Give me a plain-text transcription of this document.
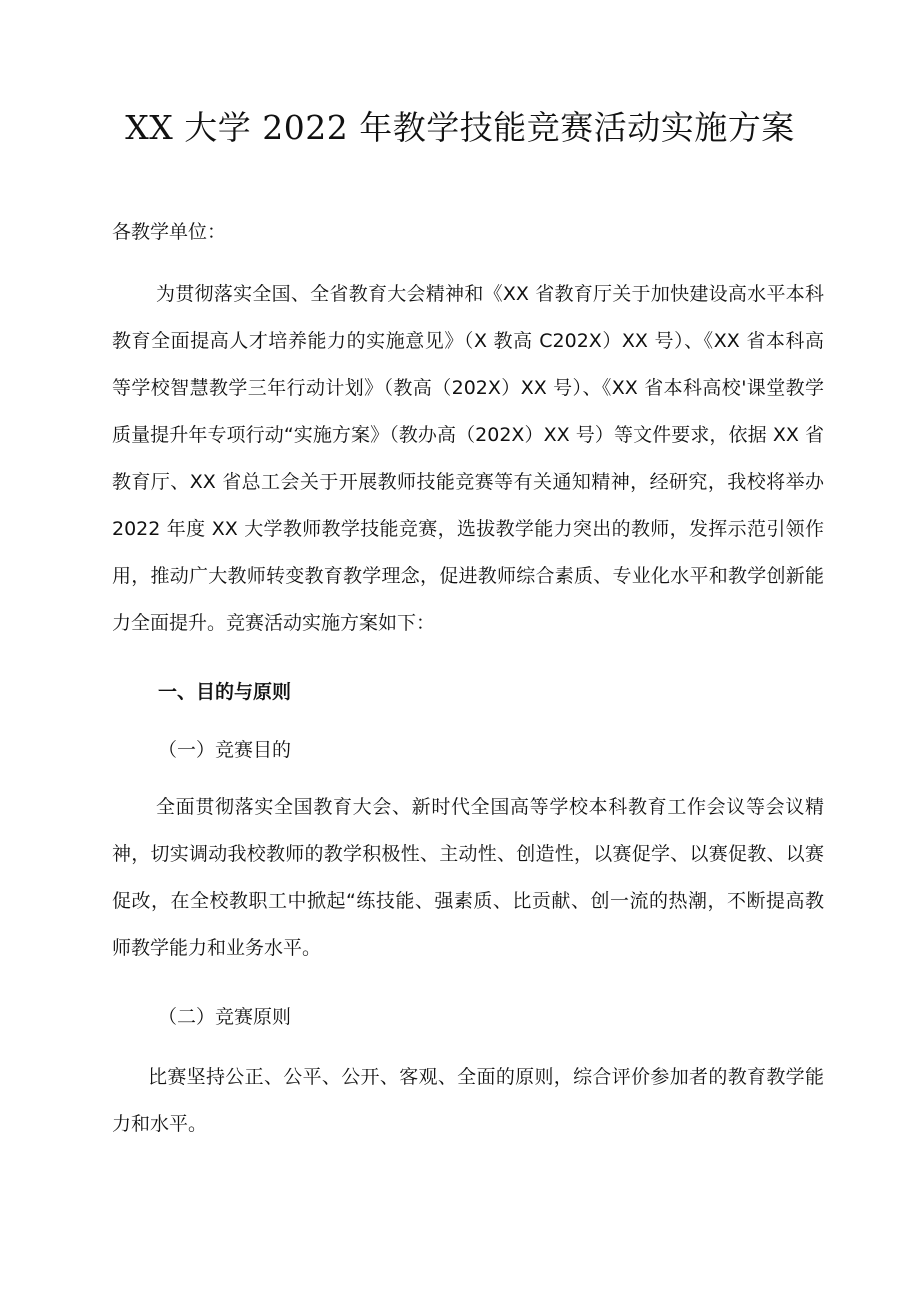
XX 大学 2022 年教学技能竞赛活动实施方案
各教学单位：

为贯彻落实全国、全省教育大会精神和《XX 省教育厅关于加快建设高水平本科教育全面提高人才培养能力的实施意见》（X 教高 C202X）XX 号）、《XX 省本科高等学校智慧教学三年行动计划》（教高（202X）XX 号）、《XX 省本科高校'课堂教学质量提升年专项行动“实施方案》（教办高（202X）XX 号）等文件要求，依据 XX 省教育厅、XX 省总工会关于开展教师技能竞赛等有关通知精神，经研究，我校将举办 2022 年度 XX 大学教师教学技能竞赛，选拔教学能力突出的教师，发挥示范引领作用，推动广大教师转变教育教学理念，促进教师综合素质、专业化水平和教学创新能力全面提升。竞赛活动实施方案如下：

一、目的与原则
（一）竞赛目的

全面贯彻落实全国教育大会、新时代全国高等学校本科教育工作会议等会议精神，切实调动我校教师的教学积极性、主动性、创造性，以赛促学、以赛促教、以赛促改，在全校教职工中掀起“练技能、强素质、比贡献、创一流的热潮，不断提高教师教学能力和业务水平。

（二）竞赛原则

比赛坚持公正、公平、公开、客观、全面的原则，综合评价参加者的教育教学能力和水平。
